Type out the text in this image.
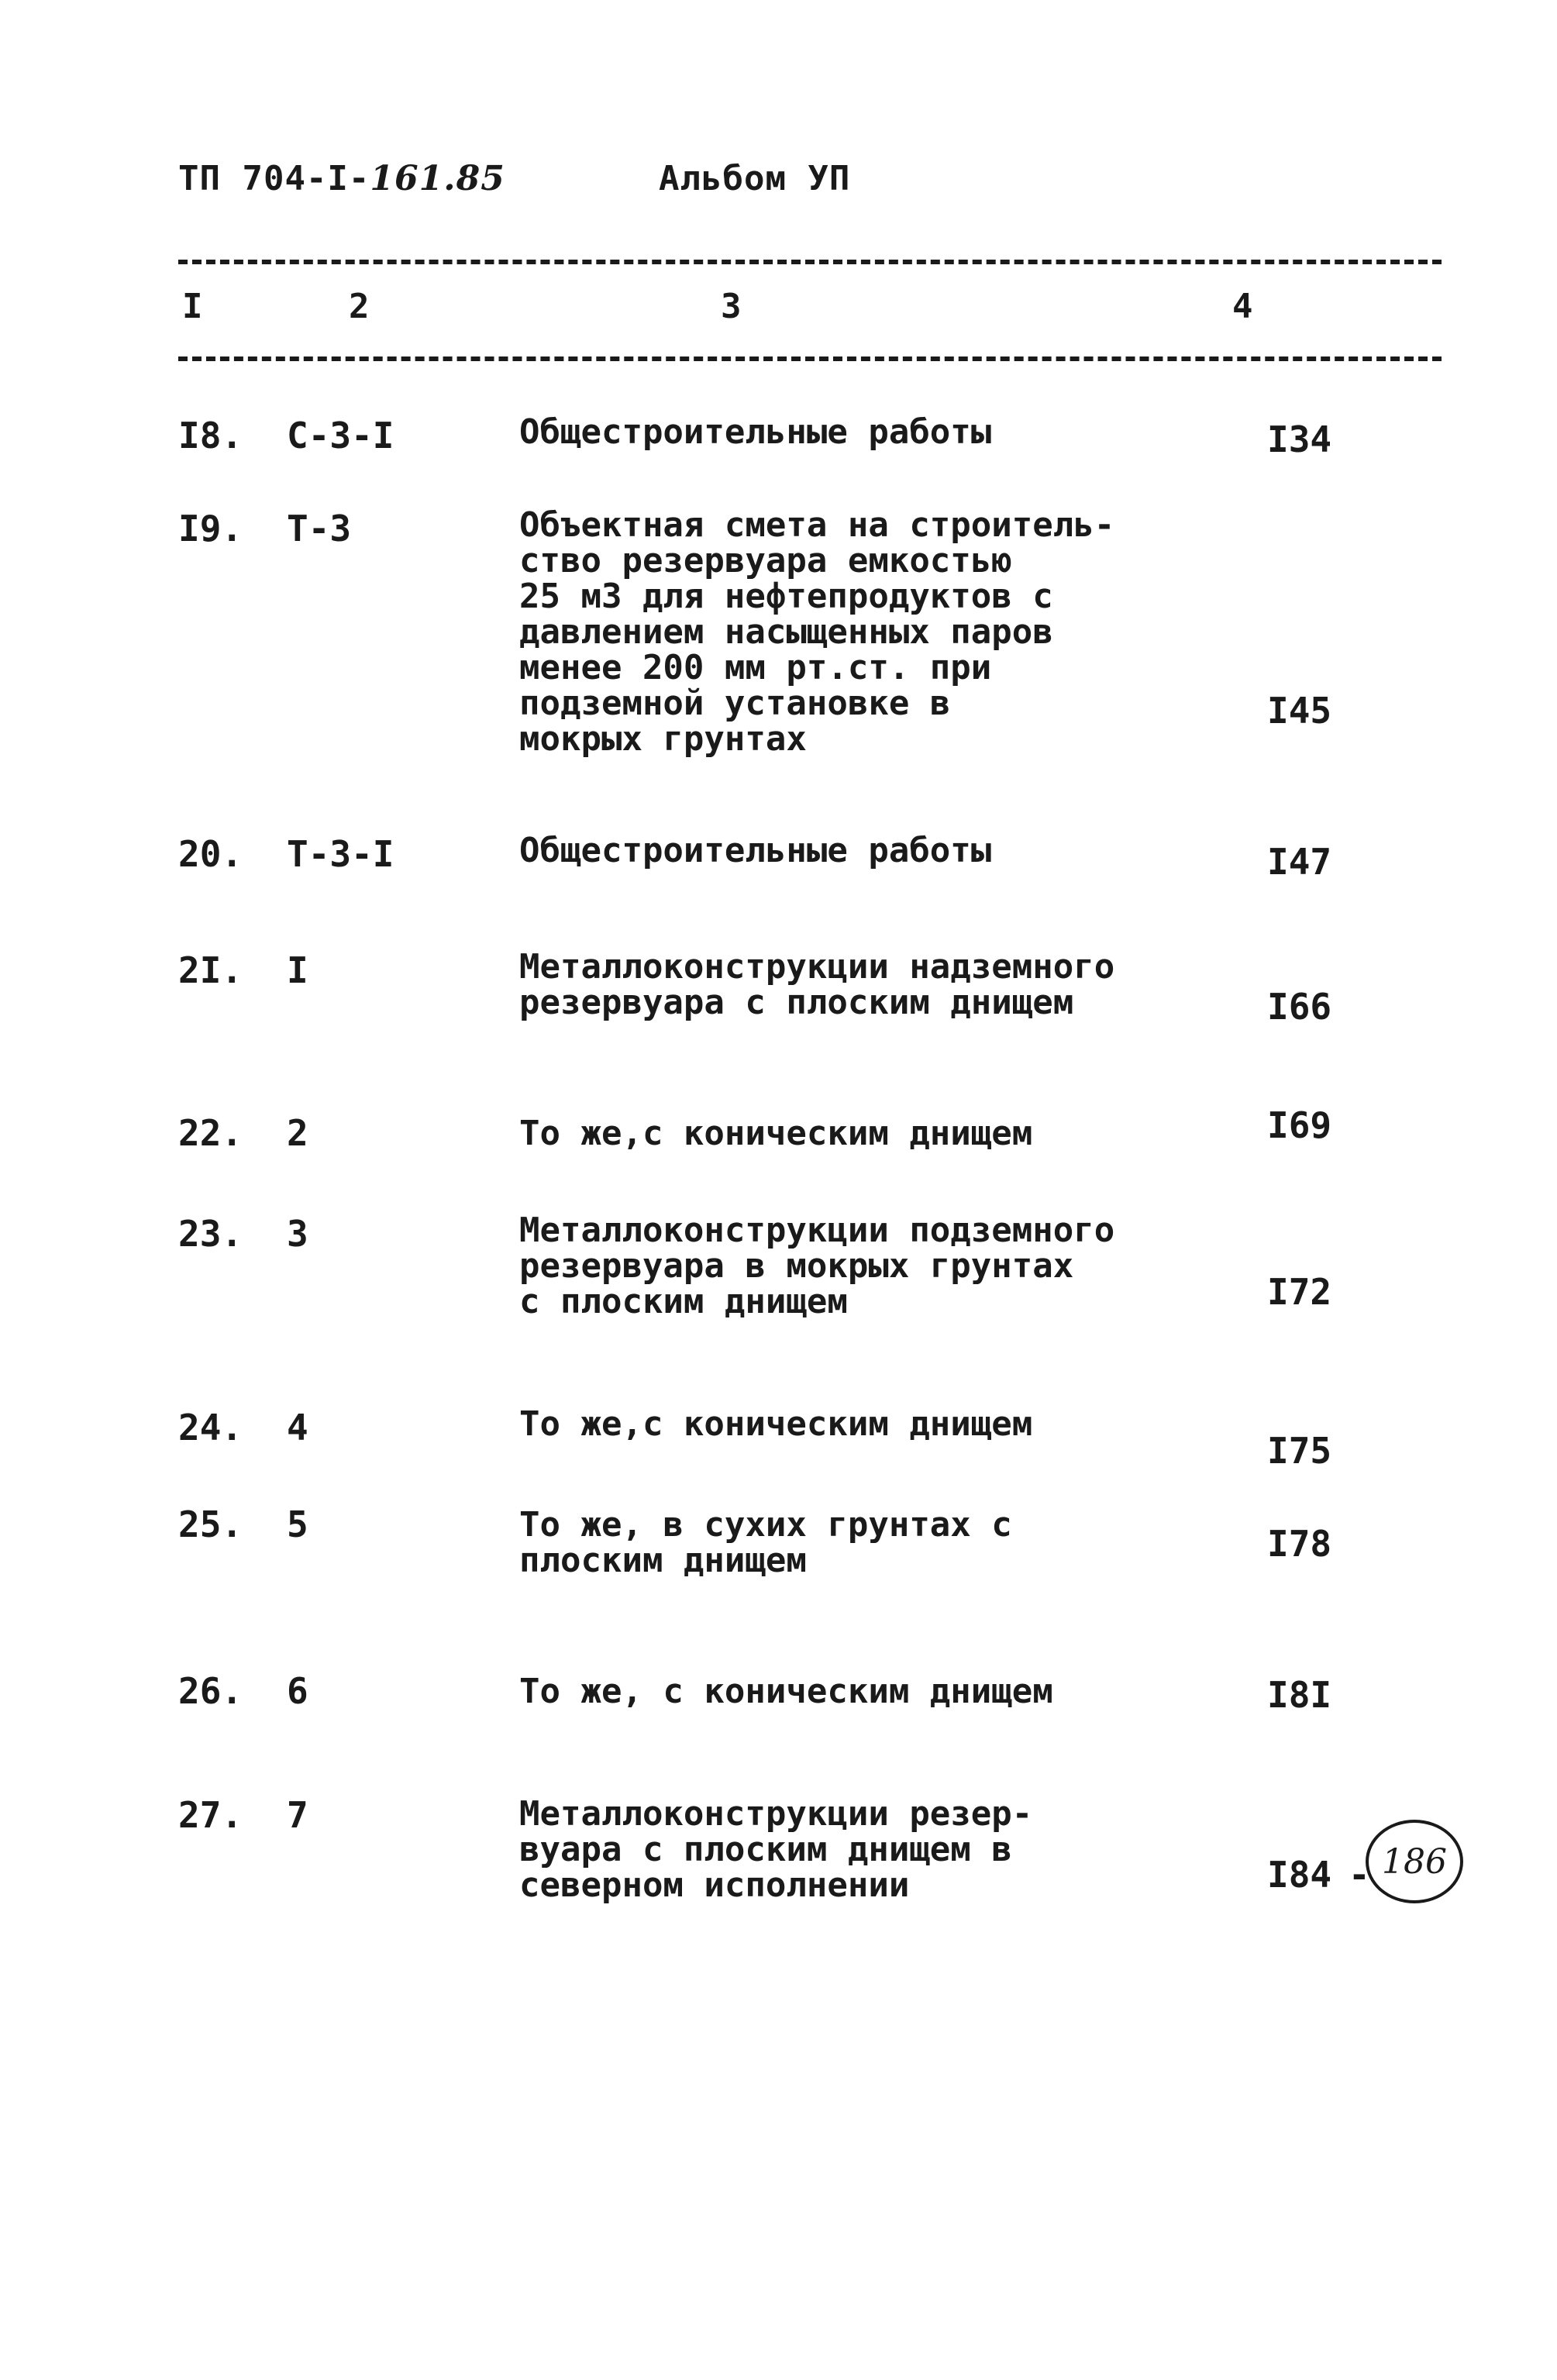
ТП 704-I-161.85	Альбом УП
I	2	3	4
I8. С-3-I	Общестроительные работы	I34
I9. Т-3	Объектная смета на строитель-
ство резервуара емкостью
25 м3 для нефтепродуктов с
давлением насыщенных паров
менее 200 мм рт.ст. при
подземной установке в
мокрых грунтах
I45
20. Т-3-I	Общестроительные работы	I47
2I. I	Металлоконструкции надземного
резервуара с плоским днищем	I66
22. 2	То же,с коническим днищем	I69
23. 3	Металлоконструкции подземного
резервуара в мокрых грунтах
с плоским днищем	I72
24. 4	То же,с коническим днищем
I75
25. 5	То же, в сухих грунтах с
плоским днищем	I78
26. 6	То же, с коническим днищем	I8I
27. 7	Металлоконструкции резер-
вуара с плоским днищем в
северном исполнении	I84 - 186
